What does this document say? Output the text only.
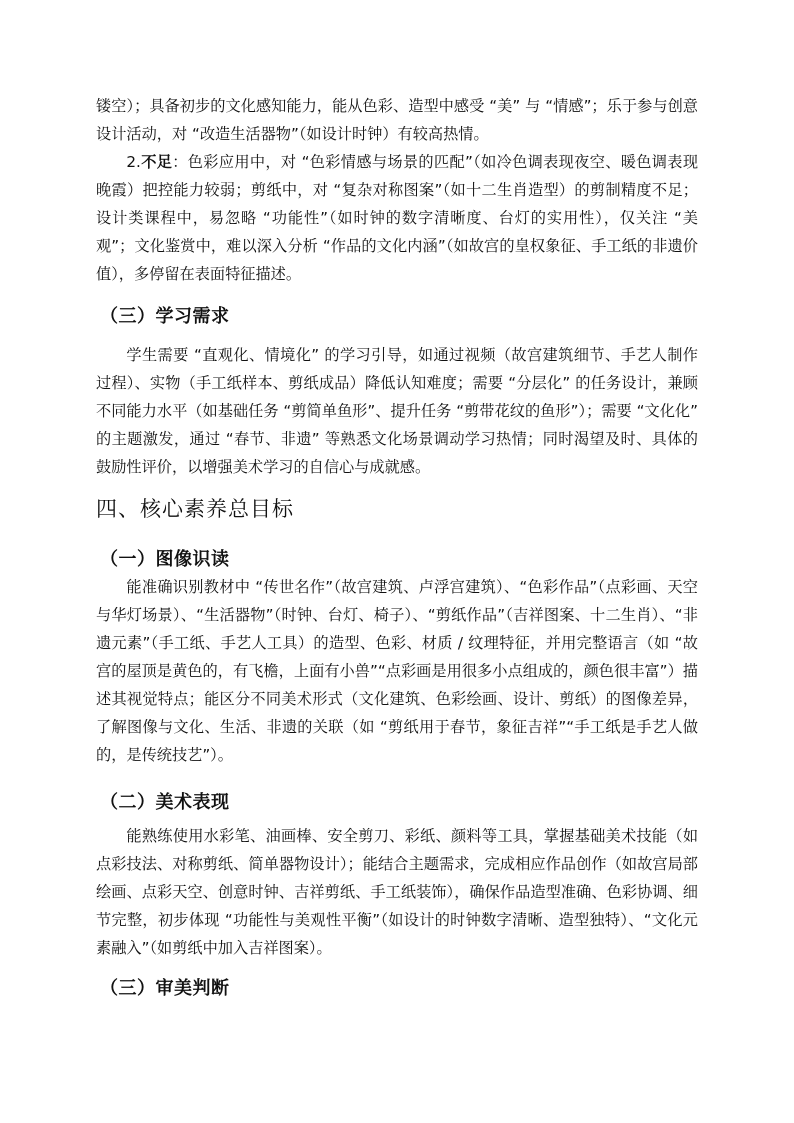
镂空）；具备初步的文化感知能力，能从色彩、造型中感受 “美” 与 “情感”；乐于参与创意设计活动，对 “改造生活器物”（如设计时钟）有较高热情。

2.不足：色彩应用中，对 “色彩情感与场景的匹配”（如冷色调表现夜空、暖色调表现晚霞）把控能力较弱；剪纸中，对 “复杂对称图案”（如十二生肖造型）的剪制精度不足；设计类课程中，易忽略 “功能性”（如时钟的数字清晰度、台灯的实用性），仅关注 “美观”；文化鉴赏中，难以深入分析 “作品的文化内涵”（如故宫的皇权象征、手工纸的非遗价值），多停留在表面特征描述。

（三）学习需求

学生需要 “直观化、情境化” 的学习引导，如通过视频（故宫建筑细节、手艺人制作过程）、实物（手工纸样本、剪纸成品）降低认知难度；需要 “分层化” 的任务设计，兼顾不同能力水平（如基础任务 “剪简单鱼形”、提升任务 “剪带花纹的鱼形”）；需要 “文化化” 的主题激发，通过 “春节、非遗” 等熟悉文化场景调动学习热情；同时渴望及时、具体的鼓励性评价，以增强美术学习的自信心与成就感。

四、核心素养总目标
（一）图像识读

能准确识别教材中 “传世名作”（故宫建筑、卢浮宫建筑）、“色彩作品”（点彩画、天空与华灯场景）、“生活器物”（时钟、台灯、椅子）、“剪纸作品”（吉祥图案、十二生肖）、“非遗元素”（手工纸、手艺人工具）的造型、色彩、材质 / 纹理特征，并用完整语言（如 “故宫的屋顶是黄色的，有飞檐，上面有小兽”“点彩画是用很多小点组成的，颜色很丰富”）描述其视觉特点；能区分不同美术形式（文化建筑、色彩绘画、设计、剪纸）的图像差异，了解图像与文化、生活、非遗的关联（如 “剪纸用于春节，象征吉祥”“手工纸是手艺人做的，是传统技艺”）。

（二）美术表现

能熟练使用水彩笔、油画棒、安全剪刀、彩纸、颜料等工具，掌握基础美术技能（如点彩技法、对称剪纸、简单器物设计）；能结合主题需求，完成相应作品创作（如故宫局部绘画、点彩天空、创意时钟、吉祥剪纸、手工纸装饰），确保作品造型准确、色彩协调、细节完整，初步体现 “功能性与美观性平衡”（如设计的时钟数字清晰、造型独特）、“文化元素融入”（如剪纸中加入吉祥图案）。

（三）审美判断
